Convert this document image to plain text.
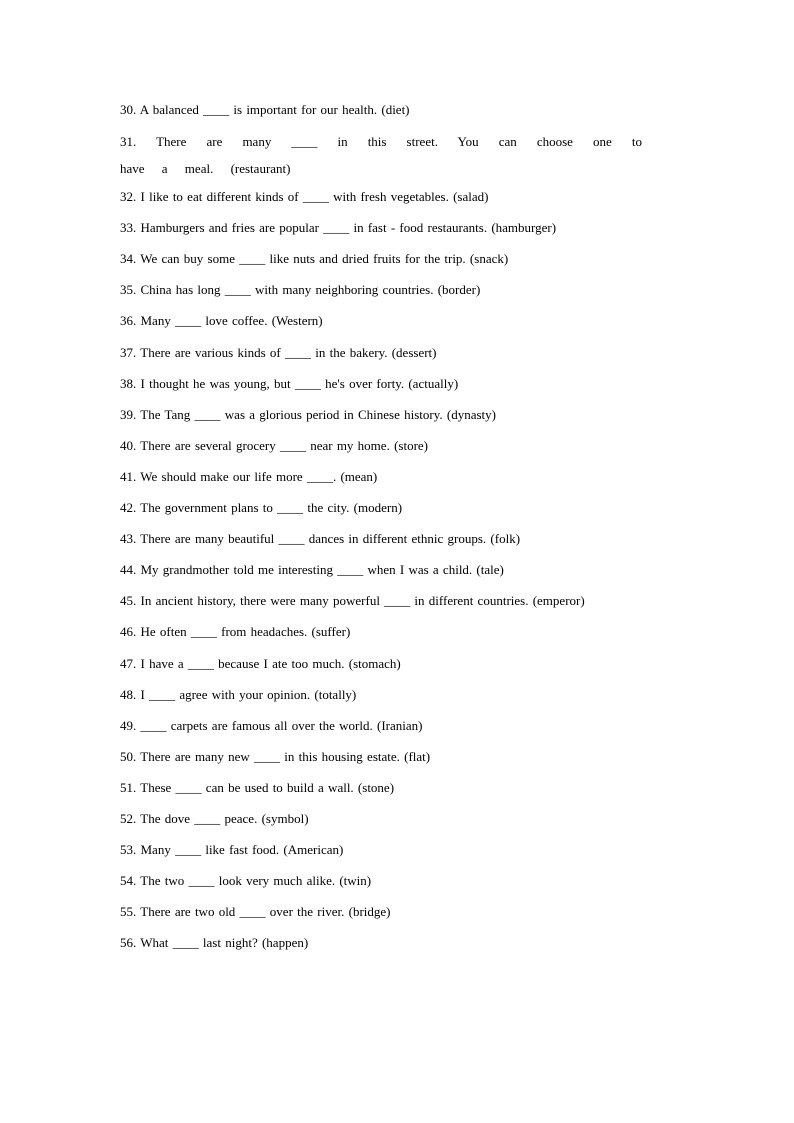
30. A balanced ____ is important for our health. (diet)
31. There are many ____ in this street. You can choose one to have a meal. (restaurant)
32. I like to eat different kinds of ____ with fresh vegetables. (salad)
33. Hamburgers and fries are popular ____ in fast - food restaurants. (hamburger)
34. We can buy some ____ like nuts and dried fruits for the trip. (snack)
35. China has long ____ with many neighboring countries. (border)
36. Many ____ love coffee. (Western)
37. There are various kinds of ____ in the bakery. (dessert)
38. I thought he was young, but ____ he's over forty. (actually)
39. The Tang ____ was a glorious period in Chinese history. (dynasty)
40. There are several grocery ____ near my home. (store)
41. We should make our life more ____. (mean)
42. The government plans to ____ the city. (modern)
43. There are many beautiful ____ dances in different ethnic groups. (folk)
44. My grandmother told me interesting ____ when I was a child. (tale)
45. In ancient history, there were many powerful ____ in different countries. (emperor)
46. He often ____ from headaches. (suffer)
47. I have a ____ because I ate too much. (stomach)
48. I ____ agree with your opinion. (totally)
49. ____ carpets are famous all over the world. (Iranian)
50. There are many new ____ in this housing estate. (flat)
51. These ____ can be used to build a wall. (stone)
52. The dove ____ peace. (symbol)
53. Many ____ like fast food. (American)
54. The two ____ look very much alike. (twin)
55. There are two old ____ over the river. (bridge)
56. What ____ last night? (happen)
